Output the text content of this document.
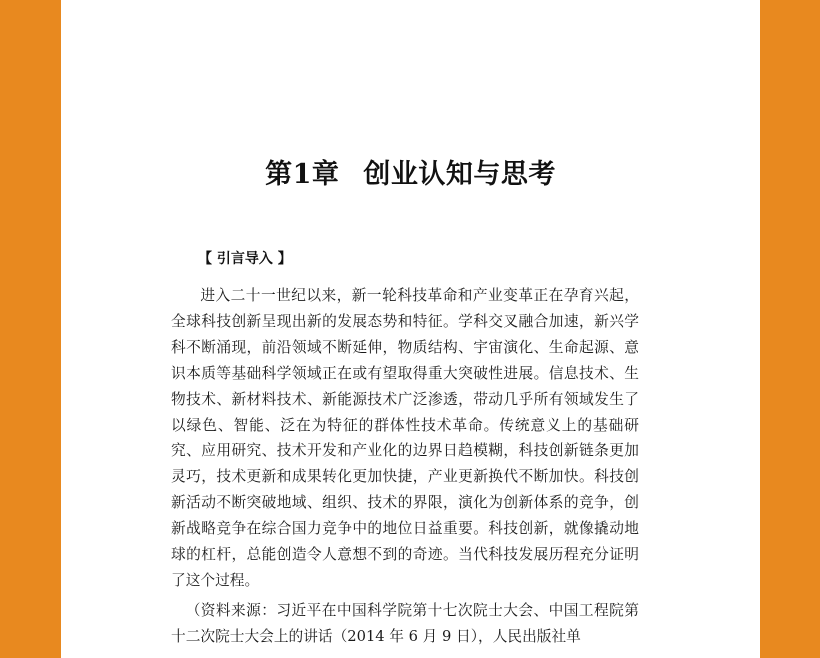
第1章 创业认知与思考
【 引言导入 】

进入二十一世纪以来，新一轮科技革命和产业变革正在孕育兴起，全球科技创新呈现出新的发展态势和特征。学科交叉融合加速，新兴学科不断涌现，前沿领域不断延伸，物质结构、宇宙演化、生命起源、意识本质等基础科学领域正在或有望取得重大突破性进展。信息技术、生物技术、新材料技术、新能源技术广泛渗透，带动几乎所有领域发生了以绿色、智能、泛在为特征的群体性技术革命。传统意义上的基础研究、应用研究、技术开发和产业化的边界日趋模糊，科技创新链条更加灵巧，技术更新和成果转化更加快捷，产业更新换代不断加快。科技创新活动不断突破地域、组织、技术的界限，演化为创新体系的竞争，创新战略竞争在综合国力竞争中的地位日益重要。科技创新，就像撬动地球的杠杆，总能创造令人意想不到的奇迹。当代科技发展历程充分证明了这个过程。

（资料来源：习近平在中国科学院第十七次院士大会、中国工程院第十二次院士大会上的讲话（2014 年 6 月 9 日），人民出版社单
